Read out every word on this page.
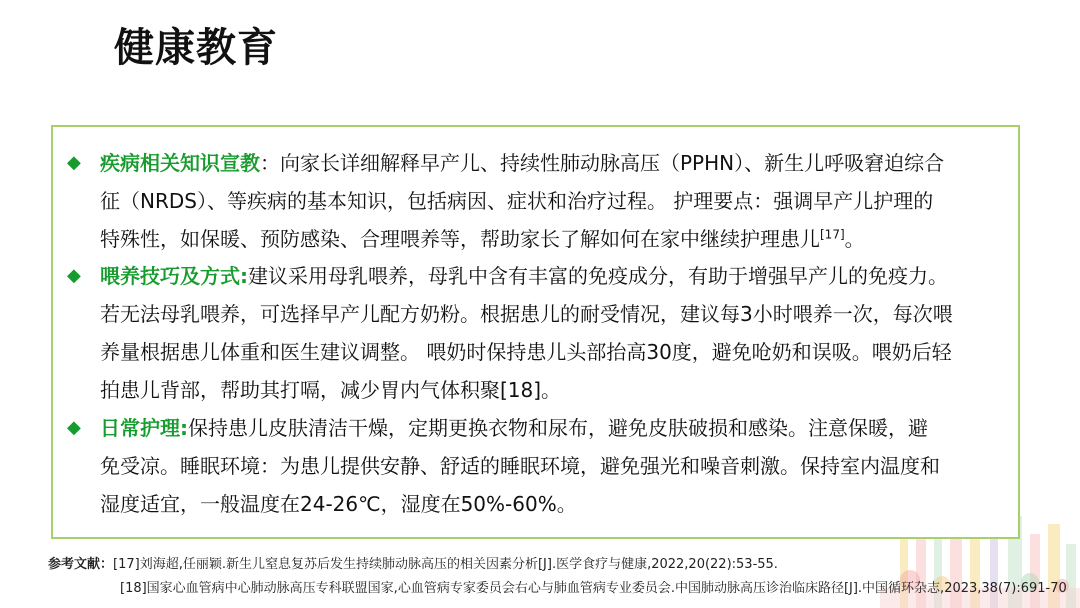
健康教育
◆ 疾病相关知识宣教：向家长详细解释早产儿、持续性肺动脉高压（PPHN）、新生儿呼吸窘迫综合
征（NRDS）、等疾病的基本知识，包括病因、症状和治疗过程。 护理要点：强调早产儿护理的
特殊性，如保暖、预防感染、合理喂养等，帮助家长了解如何在家中继续护理患儿[17]。
◆ 喂养技巧及方式:建议采用母乳喂养，母乳中含有丰富的免疫成分，有助于增强早产儿的免疫力。
若无法母乳喂养，可选择早产儿配方奶粉。根据患儿的耐受情况，建议每3小时喂养一次，每次喂
养量根据患儿体重和医生建议调整。 喂奶时保持患儿头部抬高30度，避免呛奶和误吸。喂奶后轻
拍患儿背部，帮助其打嗝，减少胃内气体积聚[18]。
◆ 日常护理:保持患儿皮肤清洁干燥，定期更换衣物和尿布，避免皮肤破损和感染。注意保暖，避
免受凉。睡眠环境：为患儿提供安静、舒适的睡眠环境，避免强光和噪音刺激。保持室内温度和
湿度适宜，一般温度在24-26℃，湿度在50%-60%。
参考文献：[17]刘海超,任丽颖.新生儿窒息复苏后发生持续肺动脉高压的相关因素分析[J].医学食疗与健康,2022,20(22):53-55.
[18]国家心血管病中心肺动脉高压专科联盟国家,心血管病专家委员会右心与肺血管病专业委员会.中国肺动脉高压诊治临床路径[J].中国循环杂志,2023,38(7):691-70
